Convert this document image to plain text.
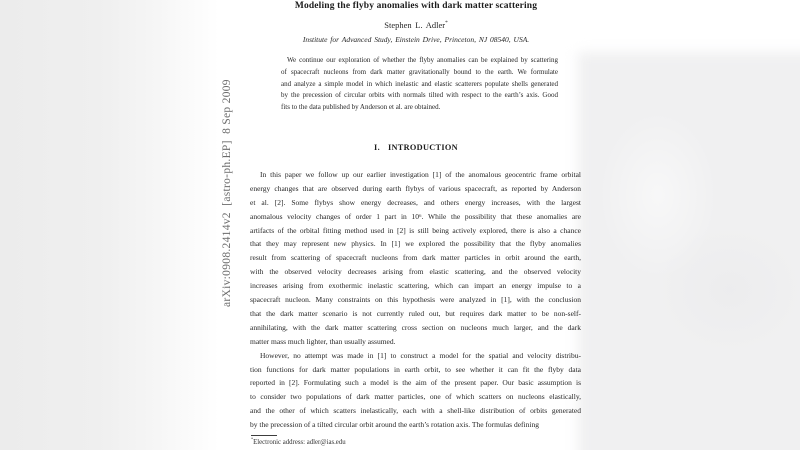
arXiv:0908.2414v2  [astro-ph.EP]  8 Sep 2009
Modeling the flyby anomalies with dark matter scattering
Stephen L. Adler*
Institute for Advanced Study, Einstein Drive, Princeton, NJ 08540, USA.
We continue our exploration of whether the flyby anomalies can be explained by scattering
of spacecraft nucleons from dark matter gravitationally bound to the earth. We formulate
and analyze a simple model in which inelastic and elastic scatterers populate shells generated
by the precession of circular orbits with normals tilted with respect to the earth’s axis. Good
fits to the data published by Anderson et al. are obtained.
I. INTRODUCTION
In this paper we follow up our earlier investigation [1] of the anomalous geocentric frame orbital
energy changes that are observed during earth flybys of various spacecraft, as reported by Anderson
et al. [2]. Some flybys show energy decreases, and others energy increases, with the largest
anomalous velocity changes of order 1 part in 10⁶. While the possibility that these anomalies are
artifacts of the orbital fitting method used in [2] is still being actively explored, there is also a chance
that they may represent new physics. In [1] we explored the possibility that the flyby anomalies
result from scattering of spacecraft nucleons from dark matter particles in orbit around the earth,
with the observed velocity decreases arising from elastic scattering, and the observed velocity
increases arising from exothermic inelastic scattering, which can impart an energy impulse to a
spacecraft nucleon. Many constraints on this hypothesis were analyzed in [1], with the conclusion
that the dark matter scenario is not currently ruled out, but requires dark matter to be non-self-
annihilating, with the dark matter scattering cross section on nucleons much larger, and the dark
matter mass much lighter, than usually assumed.
However, no attempt was made in [1] to construct a model for the spatial and velocity distribu-
tion functions for dark matter populations in earth orbit, to see whether it can fit the flyby data
reported in [2]. Formulating such a model is the aim of the present paper. Our basic assumption is
to consider two populations of dark matter particles, one of which scatters on nucleons elastically,
and the other of which scatters inelastically, each with a shell-like distribution of orbits generated
by the precession of a tilted circular orbit around the earth’s rotation axis. The formulas defining
*Electronic address: adler@ias.edu
